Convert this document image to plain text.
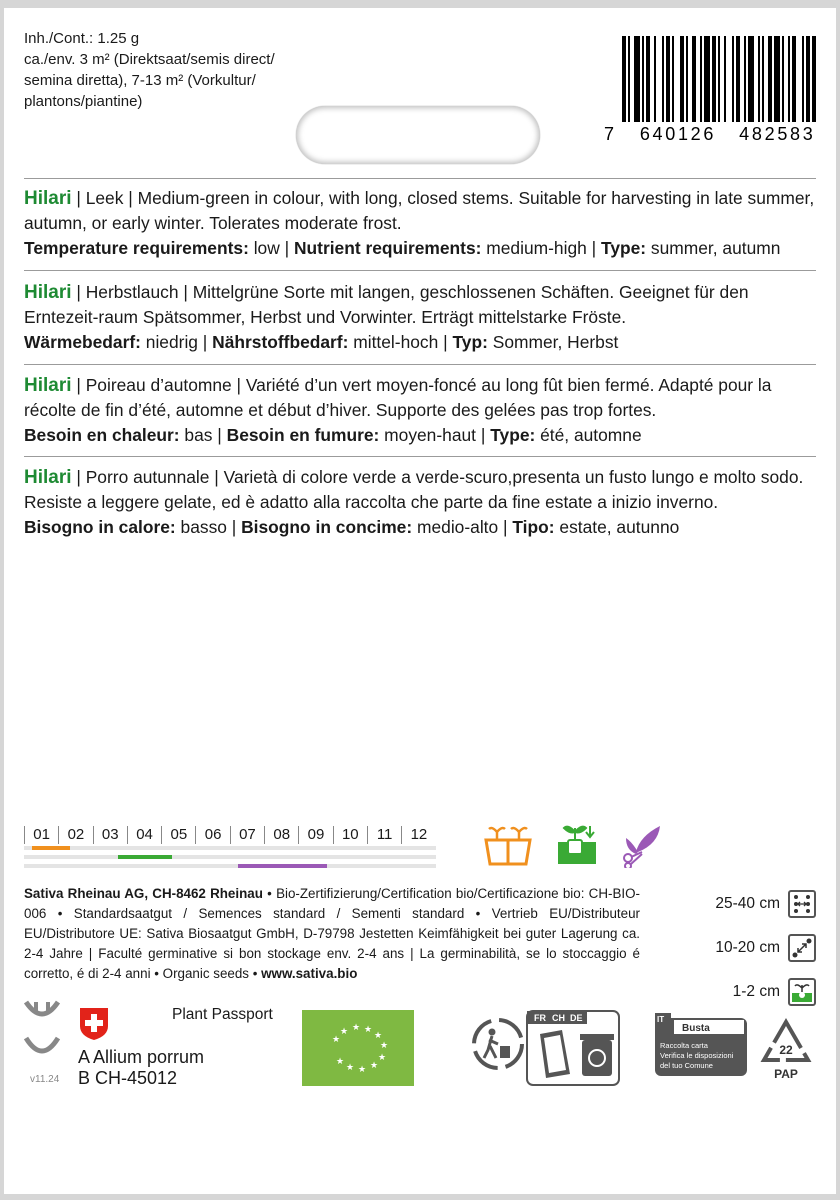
Inh./Cont.: 1.25 g
ca./env. 3 m² (Direktsaat/semis direct/
semina diretta), 7-13 m² (Vorkultur/
plantons/piantine)
7   640126   482583
Hilari | Leek | Medium-green in colour, with long, closed stems. Suitable for harvesting in late summer, autumn, or early winter. Tolerates moderate frost.
Temperature requirements: low | Nutrient requirements: medium-high | Type: summer, autumn
Hilari | Herbstlauch | Mittelgrüne Sorte mit langen, geschlossenen Schäften. Geeignet für den Erntezeit-raum Spätsommer, Herbst und Vorwinter. Erträgt mittelstarke Fröste.
Wärmebedarf: niedrig | Nährstoffbedarf: mittel-hoch | Typ: Sommer, Herbst
Hilari | Poireau d’automne | Variété d’un vert moyen-foncé au long fût bien fermé. Adapté pour la récolte de fin d’été, automne et début d’hiver. Supporte des gelées pas trop fortes.
Besoin en chaleur: bas | Besoin en fumure: moyen-haut | Type: été, automne
Hilari | Porro autunnale | Varietà di colore verde a verde-scuro,presenta un fusto lungo e molto sodo. Resiste a leggere gelate, ed è adatto alla raccolta che parte da fine estate a inizio inverno.
Bisogno in calore: basso | Bisogno in concime: medio-alto | Tipo: estate, autunno
01	02	03	04	05	06	07	08	09	10	11	12
Sativa Rheinau AG, CH-8462 Rheinau • Bio-Zertifizierung/Certification bio/Certificazione bio: CH-BIO-006 • Standardsaatgut / Semences standard / Sementi standard • Vertrieb EU/Distributeur EU/Distributore UE: Sativa Biosaatgut GmbH, D-79798 Jestetten Keimfähigkeit bei guter Lagerung ca. 2-4 Jahre | Faculté germinative si bon stockage env. 2-4 ans | La germinabilità, se lo stoccaggio é corretto, é di 2-4 anni • Organic seeds • www.sativa.bio
25-40 cm
10-20 cm
1-2 cm
v11.24
Plant Passport
A Allium porrum
B CH-45012
★
★ ★ ★
★
★
★
★
★
★
★
FR CH DE	IT
Busta
Raccolta carta
Verifica le disposizioni
del tuo Comune
22
PAP
